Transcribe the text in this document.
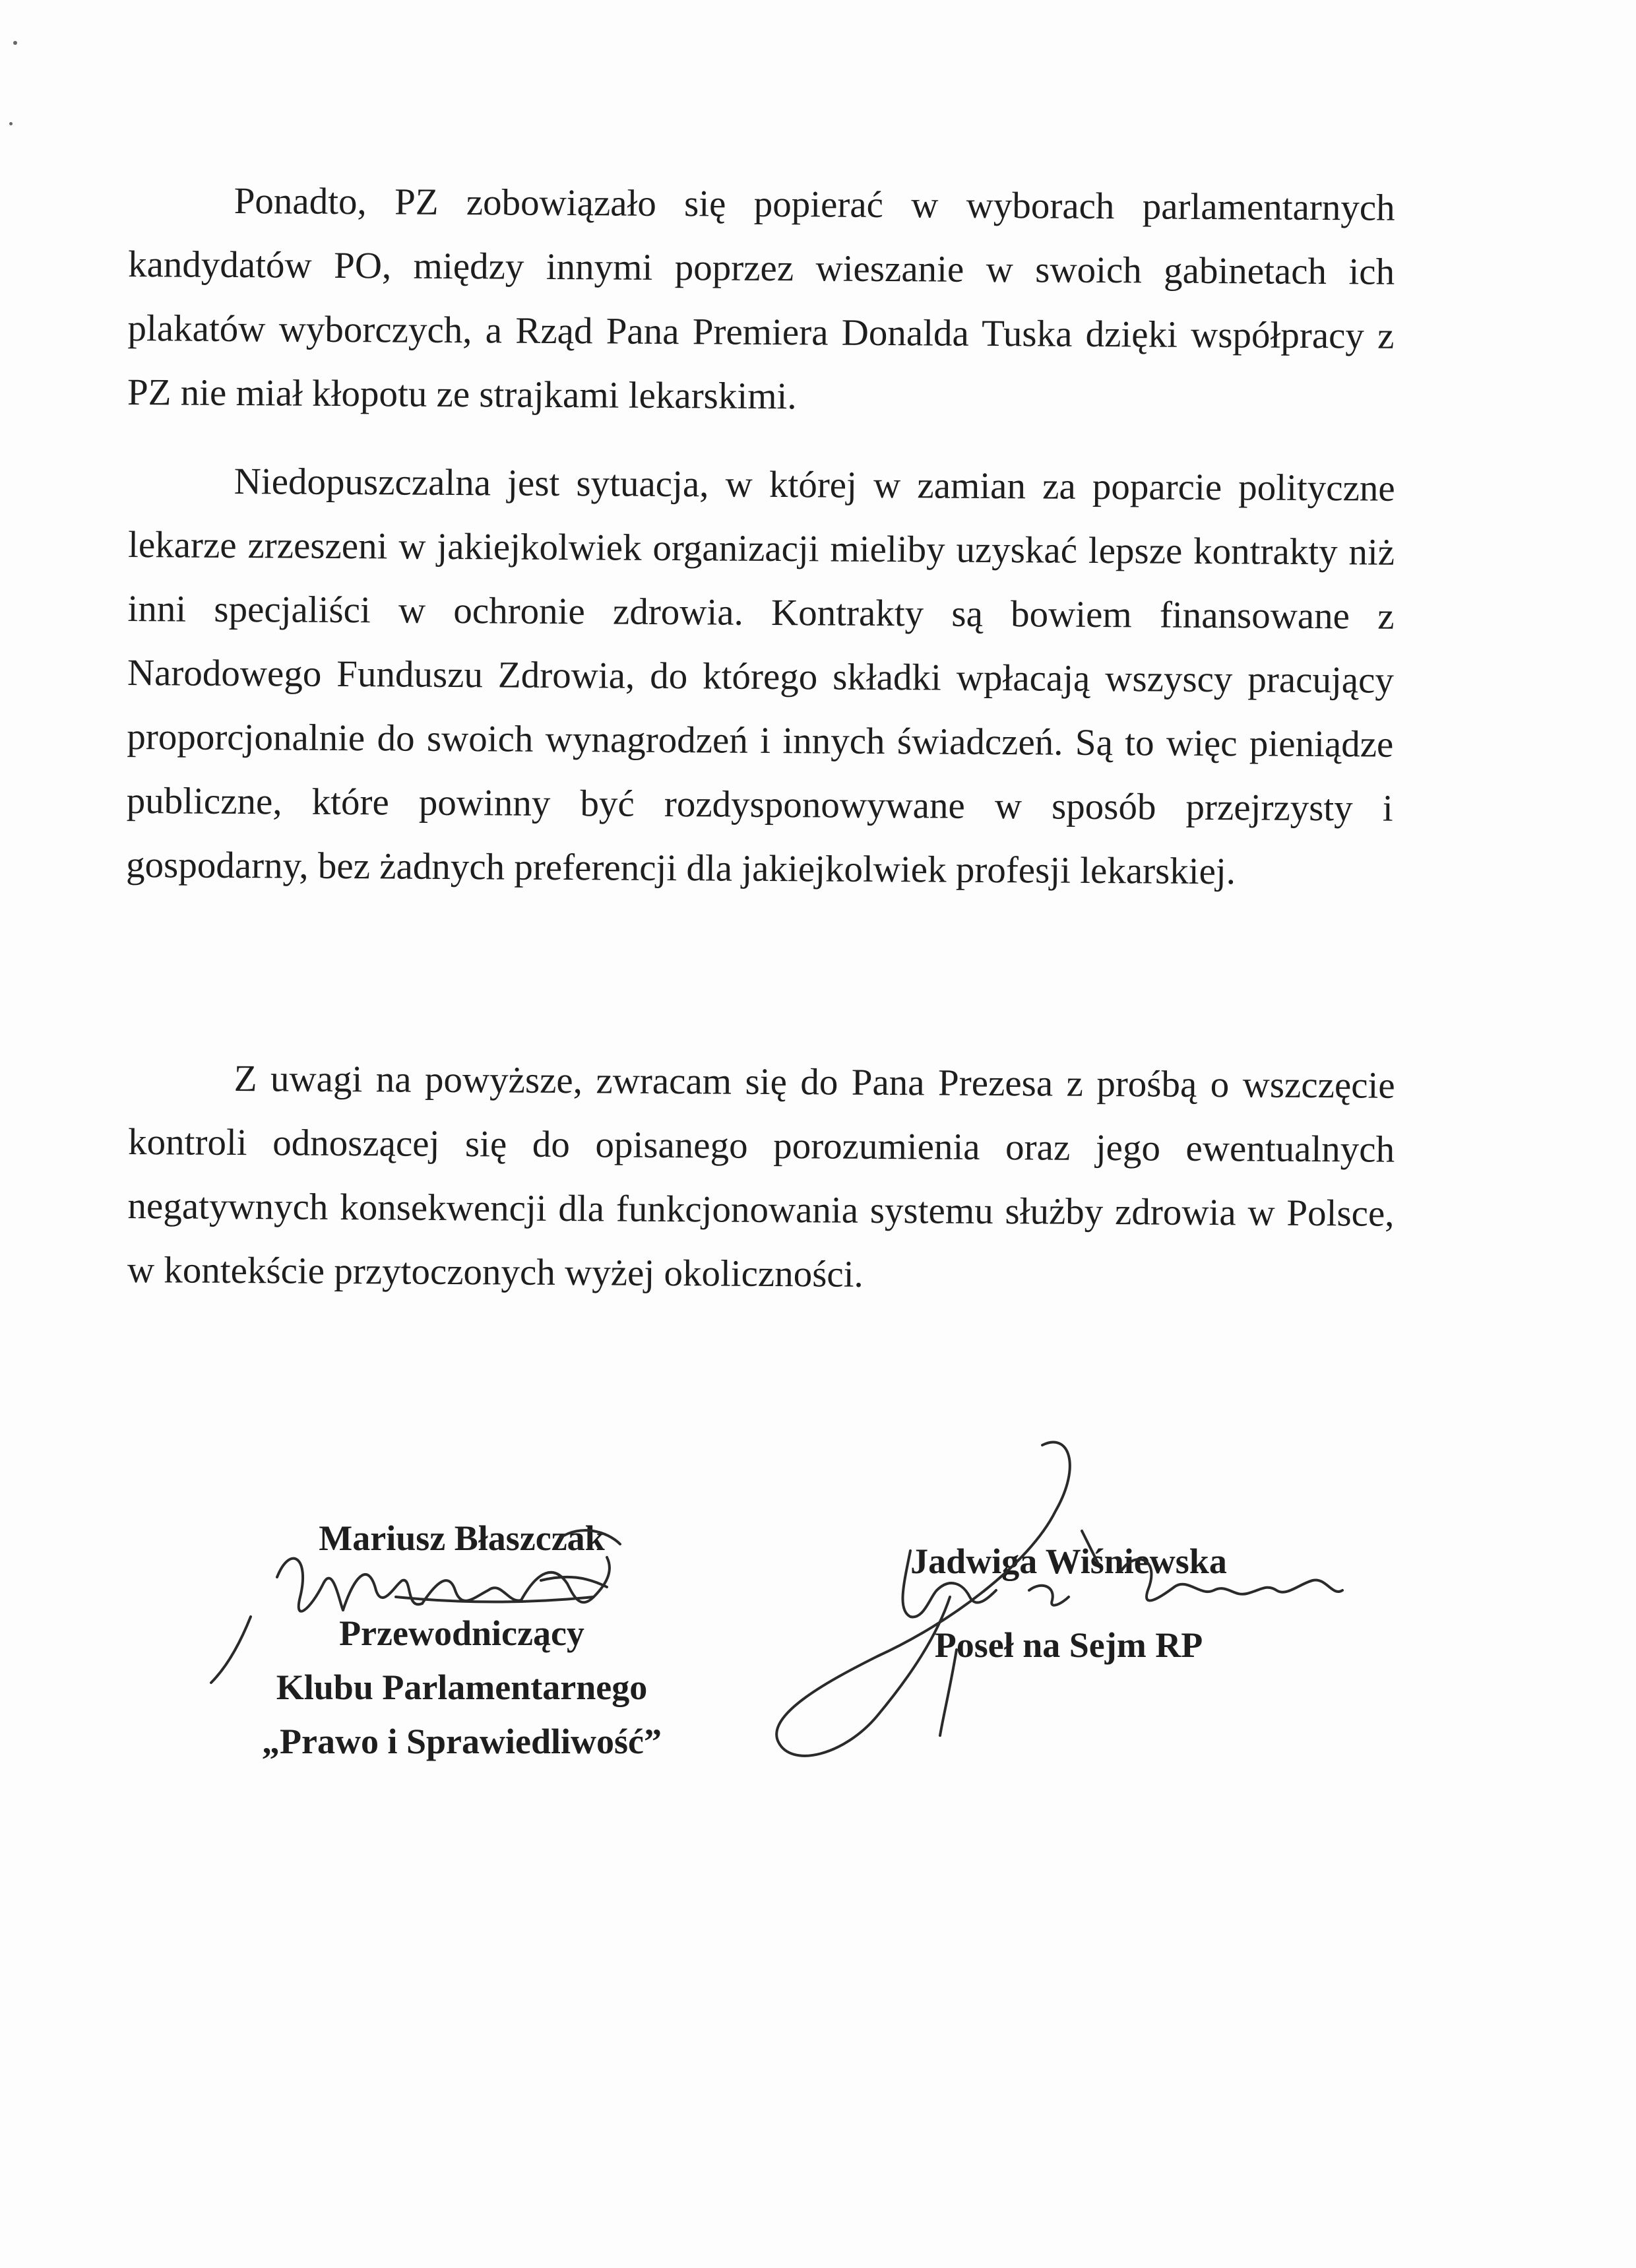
Ponadto, PZ zobowiązało się popierać w wyborach parlamentarnych kandydatów PO, między innymi poprzez wieszanie w swoich gabinetach ich plakatów wyborczych, a Rząd Pana Premiera Donalda Tuska dzięki współpracy z PZ nie miał kłopotu ze strajkami lekarskimi.

Niedopuszczalna jest sytuacja, w której w zamian za poparcie polityczne lekarze zrzeszeni w jakiejkolwiek organizacji mieliby uzyskać lepsze kontrakty niż inni specjaliści w ochronie zdrowia. Kontrakty są bowiem finansowane z Narodowego Funduszu Zdrowia, do którego składki wpłacają wszyscy pracujący proporcjonalnie do swoich wynagrodzeń i innych świadczeń. Są to więc pieniądze publiczne, które powinny być rozdysponowywane w sposób przejrzysty i gospodarny, bez żadnych preferencji dla jakiejkolwiek profesji lekarskiej.

Z uwagi na powyższe, zwracam się do Pana Prezesa z prośbą o wszczęcie kontroli odnoszącej się do opisanego porozumienia oraz jego ewentualnych negatywnych konsekwencji dla funkcjonowania systemu służby zdrowia w Polsce, w kontekście przytoczonych wyżej okoliczności.

Mariusz Błaszczak
Przewodniczący
Klubu Parlamentarnego
„Prawo i Sprawiedliwość”
Jadwiga Wiśniewska
Poseł na Sejm RP
